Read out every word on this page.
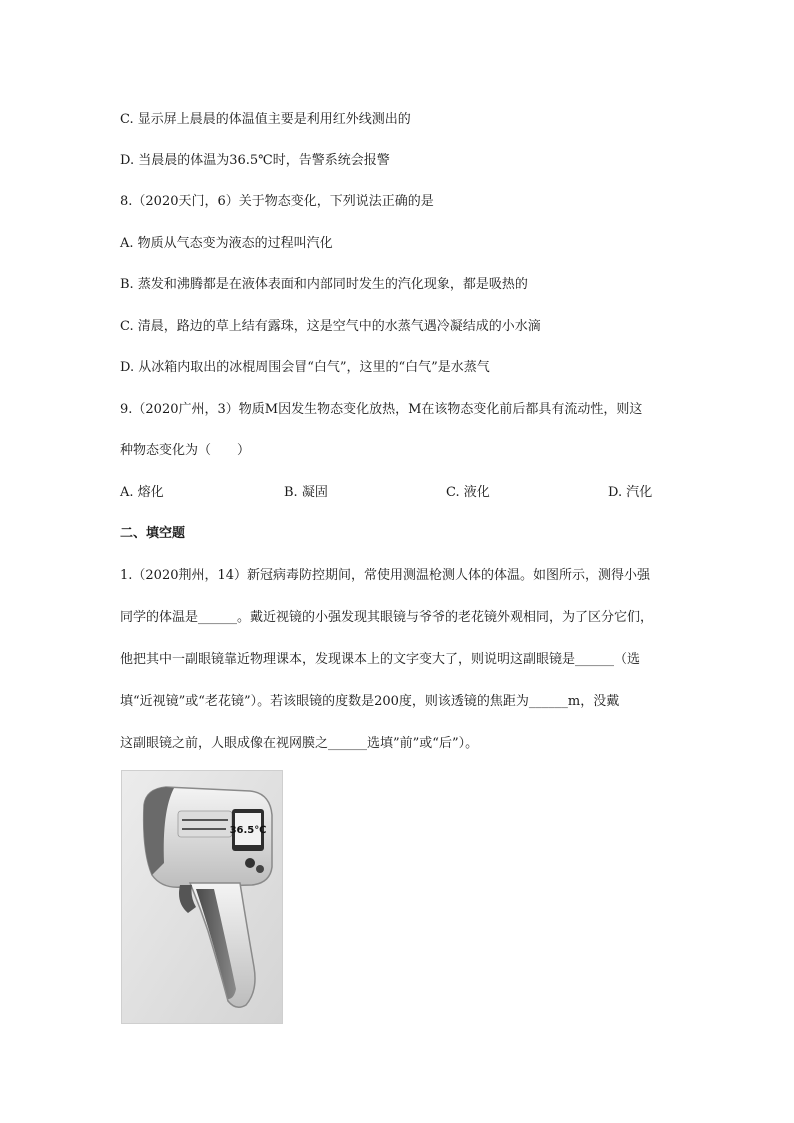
C. 显示屏上晨晨的体温值主要是利用红外线测出的
D. 当晨晨的体温为36.5℃时，告警系统会报警
8.（2020天门，6）关于物态变化，下列说法正确的是
A. 物质从气态变为液态的过程叫汽化
B. 蒸发和沸腾都是在液体表面和内部同时发生的汽化现象，都是吸热的
C. 清晨，路边的草上结有露珠，这是空气中的水蒸气遇冷凝结成的小水滴
D. 从冰箱内取出的冰棍周围会冒“白气”，这里的“白气”是水蒸气
9.（2020广州，3）物质M因发生物态变化放热，M在该物态变化前后都具有流动性，则这
种物态变化为（　　）
A. 熔化	B. 凝固	C. 液化	D. 汽化
二、填空题
1.（2020荆州，14）新冠病毒防控期间，常使用测温枪测人体的体温。如图所示，测得小强
同学的体温是______。戴近视镜的小强发现其眼镜与爷爷的老花镜外观相同，为了区分它们，
他把其中一副眼镜靠近物理课本，发现课本上的文字变大了，则说明这副眼镜是______（选
填“近视镜”或“老花镜”）。若该眼镜的度数是200度，则该透镜的焦距为______m，没戴
这副眼镜之前，人眼成像在视网膜之______选填”前”或“后”）。
36.5℃
